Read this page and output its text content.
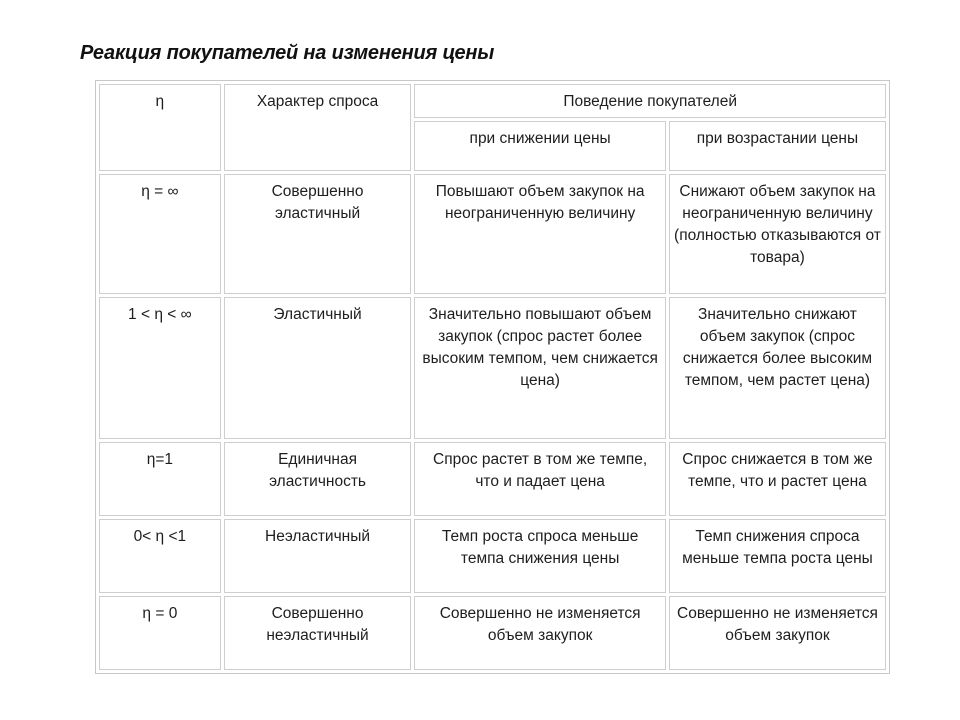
Реакция покупателей на изменения цены
η	Характер спроса	Поведение покупателей	
		при снижении цены	при возрастании цены
η = ∞	Совершенно эластичный	Повышают объем закупок на неограниченную величину	Снижают объем закупок на неограниченную величину (полностью отказываются от товара)
1 < η < ∞	Эластичный	Значительно повышают объем закупок (спрос растет более высоким темпом, чем снижается цена)	Значительно снижают объем закупок (спрос снижается более высоким темпом, чем растет цена)
η=1	Единичная эластичность	Спрос растет в том же темпе, что и падает цена	Спрос снижается в том же темпе, что и растет цена
0< η <1	Неэластичный	Темп роста спроса меньше темпа снижения цены	Темп снижения спроса меньше темпа роста цены
η = 0	Совершенно неэластичный	Совершенно не изменяется объем закупок	Совершенно не изменяется объем закупок
